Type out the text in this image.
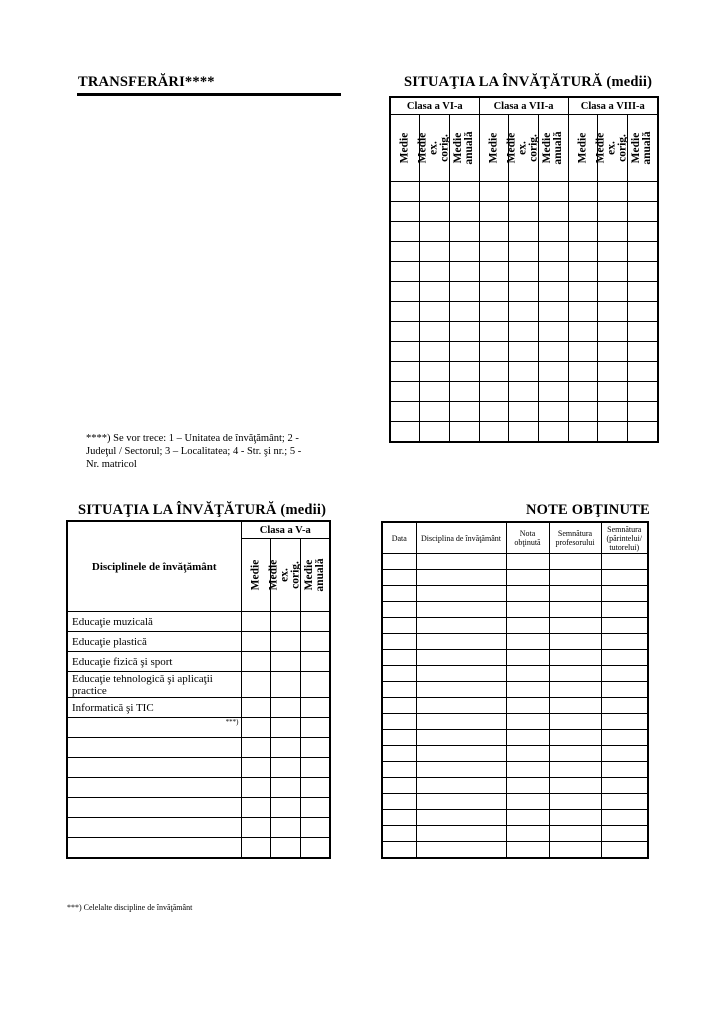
TRANSFERĂRI****
****) Se vor trece: 1 – Unitatea de învăţământ; 2 - Judeţul / Sectorul; 3 – Localitatea; 4 - Str. şi nr.; 5 - Nr. matricol
SITUAŢIA LA ÎNVĂŢĂTURĂ (medii)
Clasa a VI-a			Clasa a VII-a			Clasa a VIII-a		

Medie	Medie ex. corig.	Medie anuală	Medie	Medie ex. corig.	Medie anuală	Medie	Medie ex. corig.	Medie anuală

SITUAŢIA LA ÎNVĂŢĂTURĂ (medii)
Disciplinele de învăţământ	Clasa a V-a		

	Medie	Medie ex. corig.	Medie anuală

Educaţie muzicală			
Educaţie plastică			
Educaţie fizică şi sport			
Educaţie tehnologică şi aplicaţii practice			
Informatică şi TIC			
***)			

***) Celelalte discipline de învăţământ
NOTE OBŢINUTE
Data	Disciplina de învăţământ	Nota obţinută	Semnătura profesorului	Semnătura (părintelui/ tutorelui)
